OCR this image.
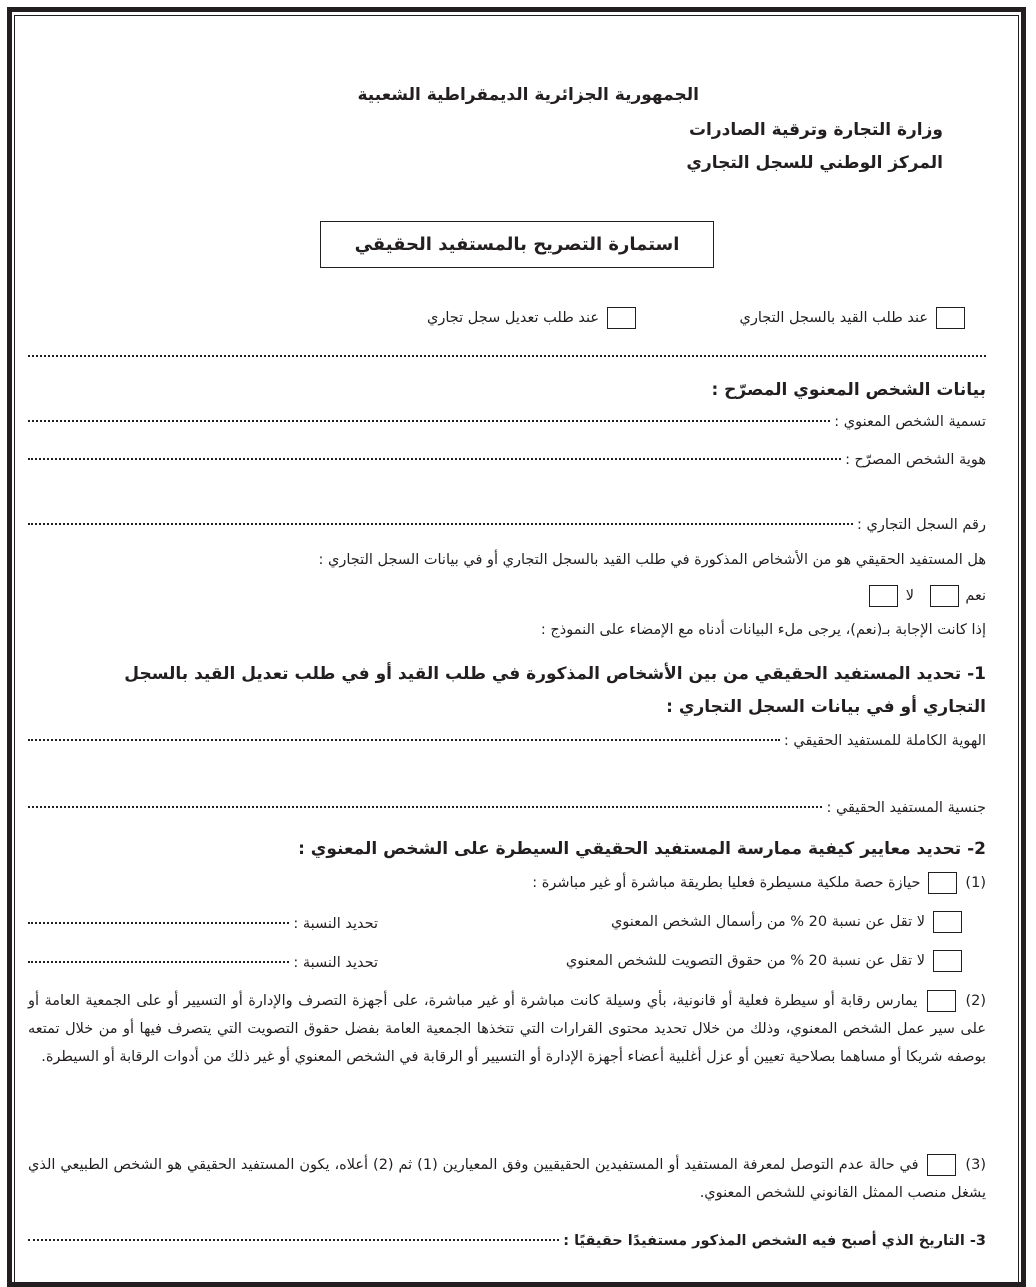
الجمهورية الجزائرية الديمقراطية الشعبية
وزارة التجارة وترقية الصادرات
المركز الوطني للسجل التجاري
استمارة التصريح بالمستفيد الحقيقي
عند طلب القيد بالسجل التجاري
عند طلب تعديل سجل تجاري
بيانات الشخص المعنوي المصرّح :
تسمية الشخص المعنوي :
هوية الشخص المصرّح :
رقم السجل التجاري :
هل المستفيد الحقيقي هو من الأشخاص المذكورة في طلب القيد بالسجل التجاري أو في بيانات السجل التجاري :
نعم
لا
إذا كانت الإجابة بـ(نعم)، يرجى ملء البيانات أدناه مع الإمضاء على النموذج :
1- تحديد المستفيد الحقيقي من بين الأشخاص المذكورة في طلب القيد أو في طلب تعديل القيد بالسجل
التجاري أو في بيانات السجل التجاري :
الهوية الكاملة للمستفيد الحقيقي :
جنسية المستفيد الحقيقي :
2- تحديد معايير كيفية ممارسة المستفيد الحقيقي السيطرة على الشخص المعنوي :
(1)
حيازة حصة ملكية مسيطرة فعليا بطريقة مباشرة أو غير مباشرة :
لا تقل عن نسبة 20 % من رأسمال الشخص المعنوي
تحديد النسبة :
لا تقل عن نسبة 20 % من حقوق التصويت للشخص المعنوي
تحديد النسبة :
(2)  يمارس رقابة أو سيطرة فعلية أو قانونية، بأي وسيلة كانت مباشرة أو غير مباشرة، على أجهزة التصرف والإدارة أو التسيير أو على الجمعية العامة أو على سير عمل الشخص المعنوي، وذلك من خلال تحديد محتوى القرارات التي تتخذها الجمعية العامة بفضل حقوق التصويت التي يتصرف فيها أو من خلال تمتعه بوصفه شريكا أو مساهما بصلاحية تعيين أو عزل أغلبية أعضاء أجهزة الإدارة أو التسيير أو الرقابة في الشخص المعنوي أو غير ذلك من أدوات الرقابة أو السيطرة.
(3)  في حالة عدم التوصل لمعرفة المستفيد أو المستفيدين الحقيقيين وفق المعيارين (1) ثم (2) أعلاه، يكون المستفيد الحقيقي هو الشخص الطبيعي الذي يشغل منصب الممثل القانوني للشخص المعنوي.
3- التاريخ الذي أصبح فيه الشخص المذكور مستفيدًا حقيقيًا :
